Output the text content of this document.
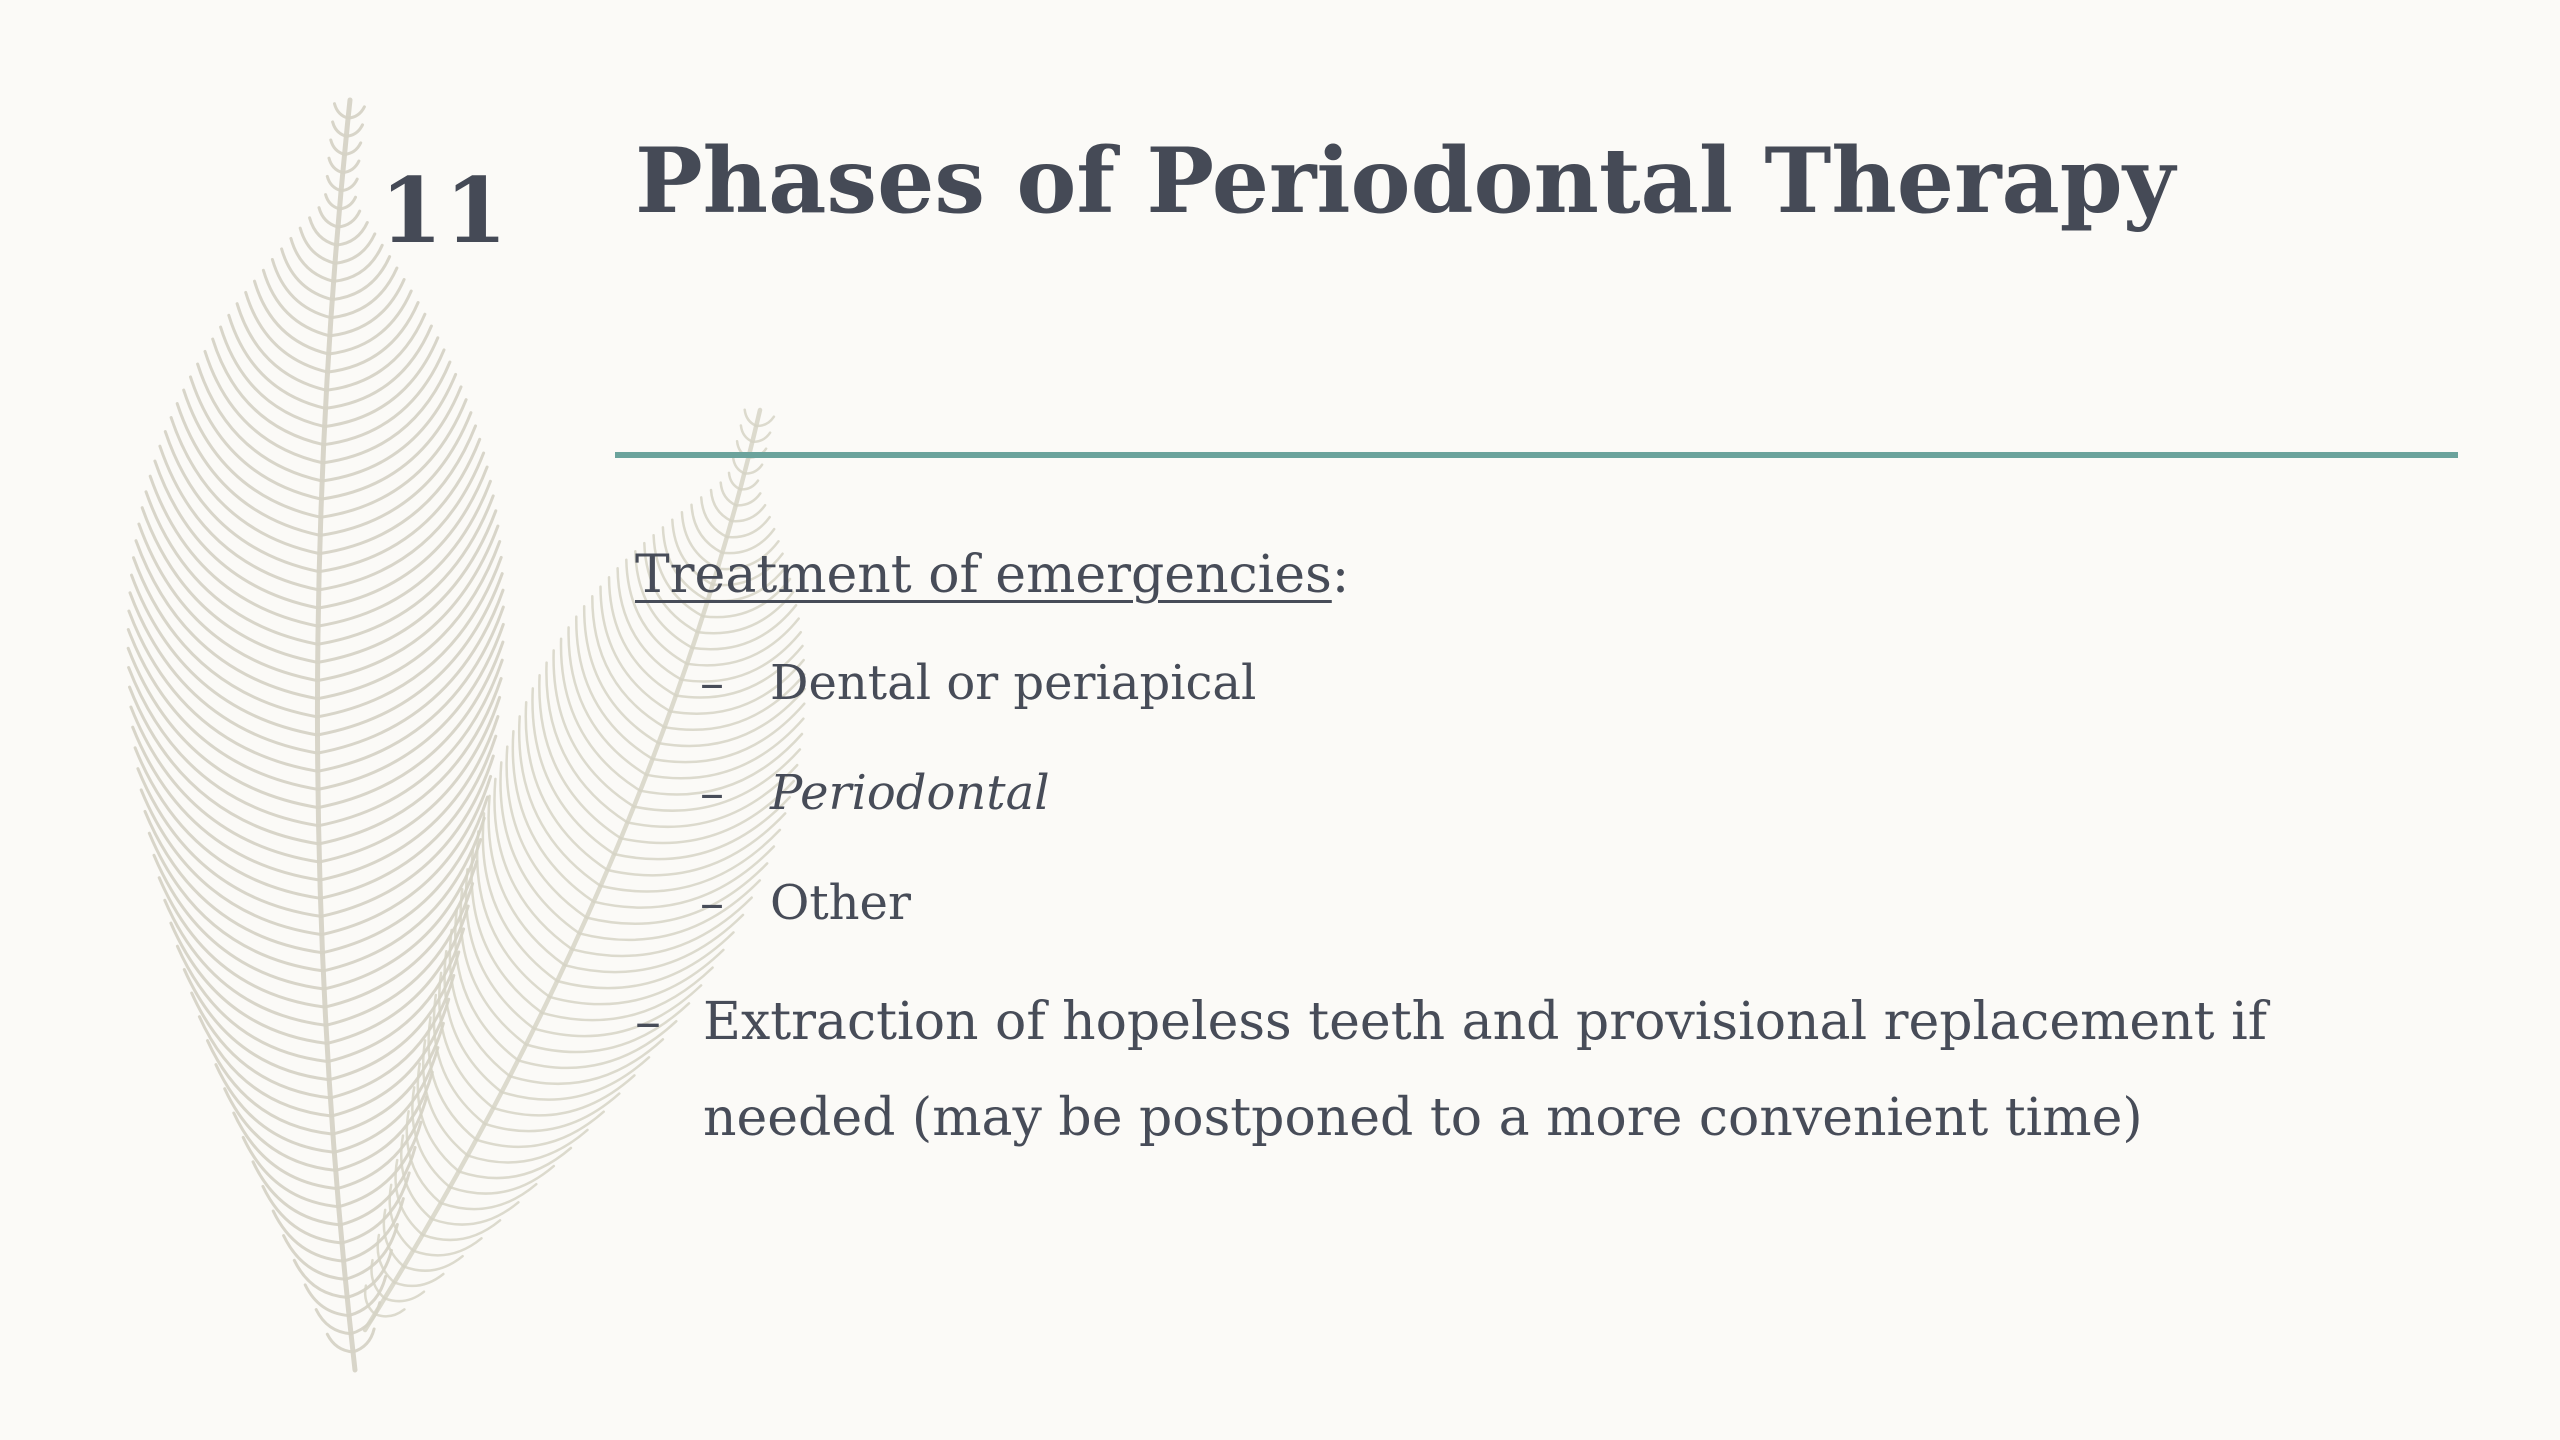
11 Phases of Periodontal Therapy

Treatment of emergencies:

– Dental or periapical
– Periodontal
– Other
– Extraction of hopeless teeth and provisional replacement if needed (may be postponed to a more convenient time)
